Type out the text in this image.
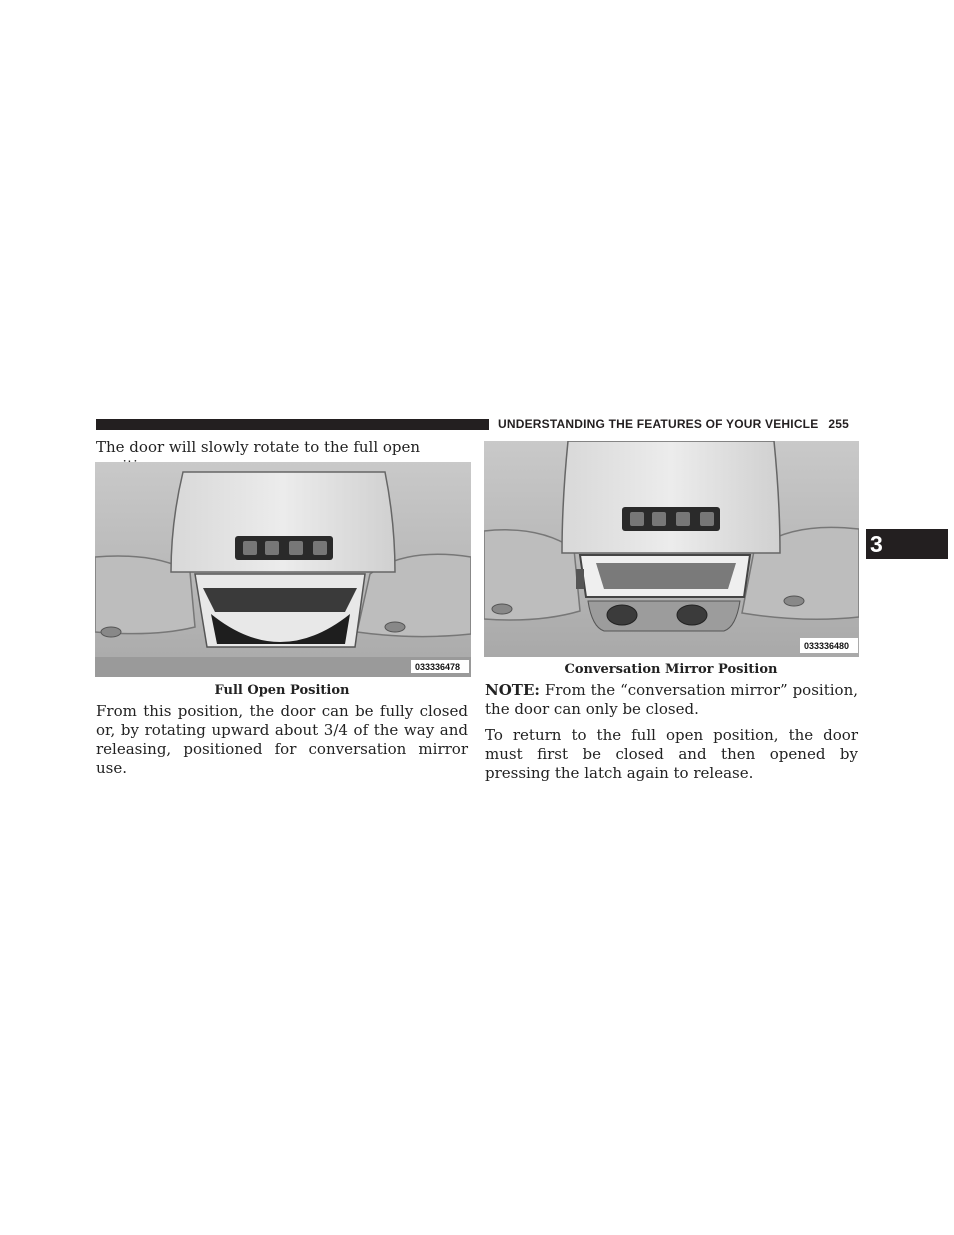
UNDERSTANDING THE FEATURES OF YOUR VEHICLE 255
3

The door will slowly rotate to the full open

033336478
Full Open Position

From this position, the door can be fully closed or, by rotating upward about 3/4 of the way and releasing, positioned for conversation mirror use.

033336480
Conversation Mirror Position

NOTE: From the “conversation mirror” position, the door can only be closed.

To return to the full open position, the door must first be closed and then opened by pressing the latch again to release.
